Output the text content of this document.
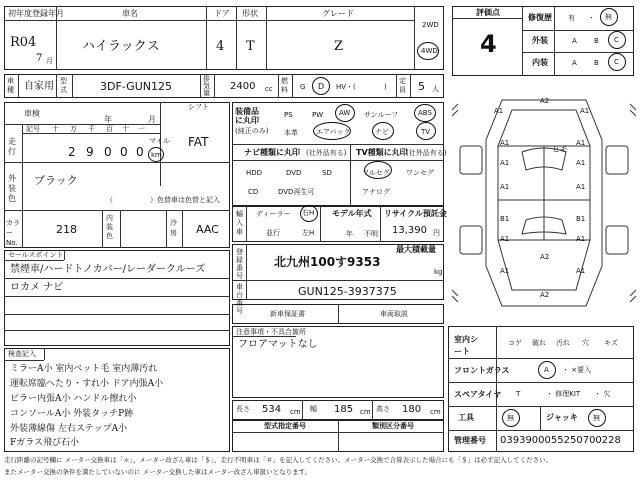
初年度登録年月
R04
7 月
車名
ハイラックス
ドア
4
形状
T
グレード
Z
2WD
4WD
車種 自家用 型式	3DF-GUN125
排気量
2400 cc
燃料 G D HV・(	)
定員 5 人
車検
年	月
シフト
FAT
走行
記号 十 万 千 百 十 一
2 9 0 0 0
マイル
km
外装色
ブラック
（	）色替車は色替と記入
カラーNo.
218
内装色
冷房 AAC
装備品に丸印
(純正のみ)
PS	PW AW サンルーフ	ABS
本革	エアバック	ナビ	TV
ナビ種類に丸印 (社外品有る)
HDD	DVD	SD
CD	DVD再生可
TV種類に丸印
(社外品有る)
フルセグ ワンセグ
アナログ
輸入車
ディーラー 右H
並行	左H
モデル年式
年 不明
リサイクル預託金
13,390 円
登録番号
北九州100す9353
最大積載量
kg
車台番号
GUN125-3937375
新車保証書	車両取説
注意事項・不具合箇所
フロアマットなし
セールスポイント
禁煙車/ハードトノカバー/レーダークルーズ
ロカメ ナビ
検査記入
ミラーA小 室内ベット毛 室内薄汚れ
運転席臨へたり・すれ小 ドア内張A小
ピラー内張A小 ハンドル擦れ小
コンソールA小 外装タッチP跡
外装薄線傷 左右ステップA小
Fガラス飛び石小
長さ 534 cm 幅 185 cm 高さ 180 cm
型式指定番号	類別区分番号
評価点
4
修復歴 有 ・ 無
外装	A B C
内装	A B C
A2
A1	A1
A1	A1
A1	A1
A1	A1
B1	B1
A1	A1
A2
A1	A1
A2
ヒモ
室内シート
コゲ 破れ 汚れ 穴 キズ
フロントガラス	A ・ ×要入
スペアタイヤ T	・ 修理KIT ・ 欠
工具	無	ジャッキ 無
管理番号 0393900055250700228
走行距離の記号欄に メーター交換車は「＊」、メーター改ざん車は「＄」、走行不明車は「＃」を記入してください。メーター交換で合算表示した場合にも「＄」は必ず記入してください。
またメーター交換の条件を満たしていないのに メーター交換した車はメーター改ざん車扱いとなります。
